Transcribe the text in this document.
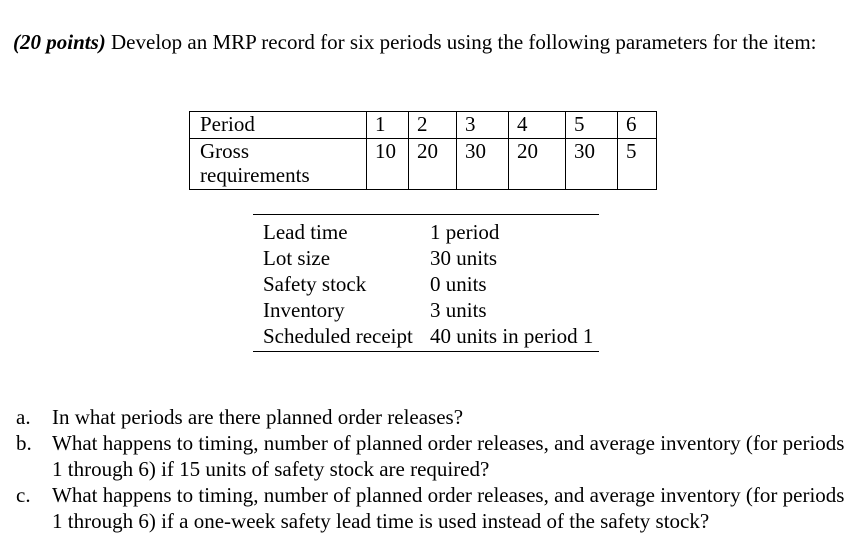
(20 points) Develop an MRP record for six periods using the following parameters for the item:
Period	1	2	3	4	5	6
Gross requirements	10	20	30	20	30	5
Lead time	1 period
Lot size	30 units
Safety stock	0 units
Inventory	3 units
Scheduled receipt 40 units in period 1
a.	In what periods are there planned order releases?
b. What happens to timing, number of planned order releases, and average inventory (for periods 1 through 6) if 15 units of safety stock are required?
c.	What happens to timing, number of planned order releases, and average inventory (for periods 1 through 6) if a one-week safety lead time is used instead of the safety stock?
